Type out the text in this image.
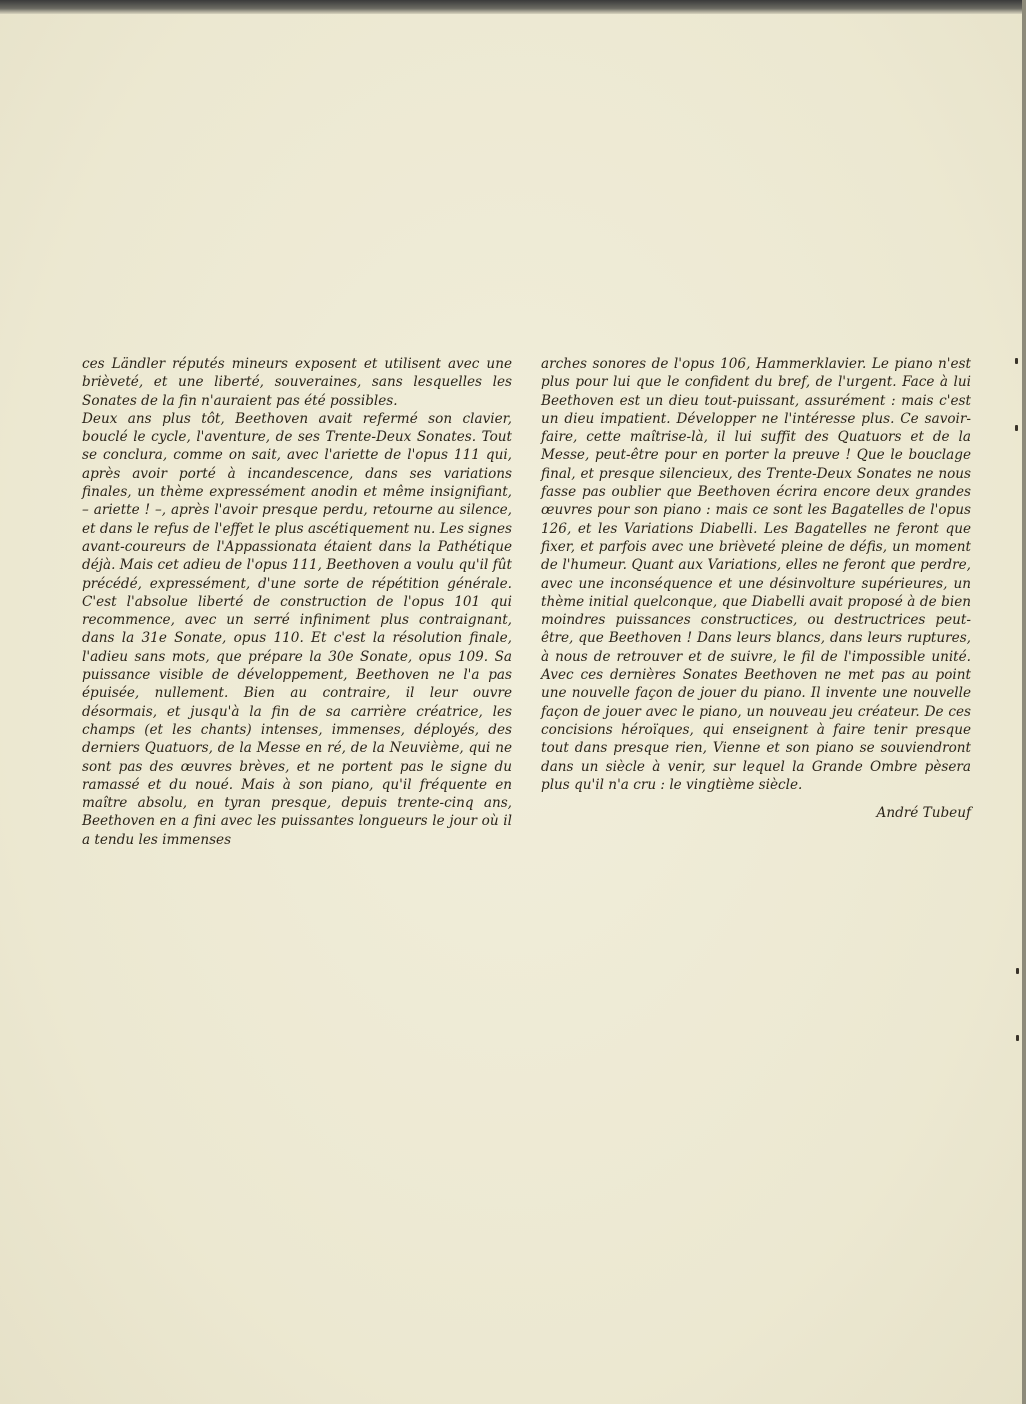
ces Ländler réputés mineurs exposent et utilisent avec une brièveté, et une liberté, souveraines, sans lesquelles les Sonates de la fin n'auraient pas été possibles.

Deux ans plus tôt, Beethoven avait refermé son clavier, bouclé le cycle, l'aventure, de ses Trente-Deux Sonates. Tout se conclura, comme on sait, avec l'ariette de l'opus 111 qui, après avoir porté à incandescence, dans ses variations finales, un thème expressément anodin et même insignifiant, – ariette ! –, après l'avoir presque perdu, retourne au silence, et dans le refus de l'effet le plus ascétiquement nu. Les signes avant-coureurs de l'Appassionata étaient dans la Pathétique déjà. Mais cet adieu de l'opus 111, Beethoven a voulu qu'il fût précédé, expressément, d'une sorte de répétition générale. C'est l'absolue liberté de construction de l'opus 101 qui recommence, avec un serré infiniment plus contraignant, dans la 31e Sonate, opus 110. Et c'est la résolution finale, l'adieu sans mots, que prépare la 30e Sonate, opus 109. Sa puissance visible de développement, Beethoven ne l'a pas épuisée, nullement. Bien au contraire, il leur ouvre désormais, et jusqu'à la fin de sa carrière créatrice, les champs (et les chants) intenses, immenses, déployés, des derniers Quatuors, de la Messe en ré, de la Neuvième, qui ne sont pas des œuvres brèves, et ne portent pas le signe du ramassé et du noué. Mais à son piano, qu'il fréquente en maître absolu, en tyran presque, depuis trente-cinq ans, Beethoven en a fini avec les puissantes longueurs le jour où il a tendu les immenses

arches sonores de l'opus 106, Hammerklavier. Le piano n'est plus pour lui que le confident du bref, de l'urgent. Face à lui Beethoven est un dieu tout-puissant, assurément : mais c'est un dieu impatient. Développer ne l'intéresse plus. Ce savoir-faire, cette maîtrise-là, il lui suffit des Quatuors et de la Messe, peut-être pour en porter la preuve ! Que le bouclage final, et presque silencieux, des Trente-Deux Sonates ne nous fasse pas oublier que Beethoven écrira encore deux grandes œuvres pour son piano : mais ce sont les Bagatelles de l'opus 126, et les Variations Diabelli. Les Bagatelles ne feront que fixer, et parfois avec une brièveté pleine de défis, un moment de l'humeur. Quant aux Variations, elles ne feront que perdre, avec une inconséquence et une désinvolture supérieures, un thème initial quelconque, que Diabelli avait proposé à de bien moindres puissances constructices, ou destructrices peut-être, que Beethoven ! Dans leurs blancs, dans leurs ruptures, à nous de retrouver et de suivre, le fil de l'impossible unité. Avec ces dernières Sonates Beethoven ne met pas au point une nouvelle façon de jouer du piano. Il invente une nouvelle façon de jouer avec le piano, un nouveau jeu créateur. De ces concisions héroïques, qui enseignent à faire tenir presque tout dans presque rien, Vienne et son piano se souviendront dans un siècle à venir, sur lequel la Grande Ombre pèsera plus qu'il n'a cru : le vingtième siècle.

André Tubeuf
